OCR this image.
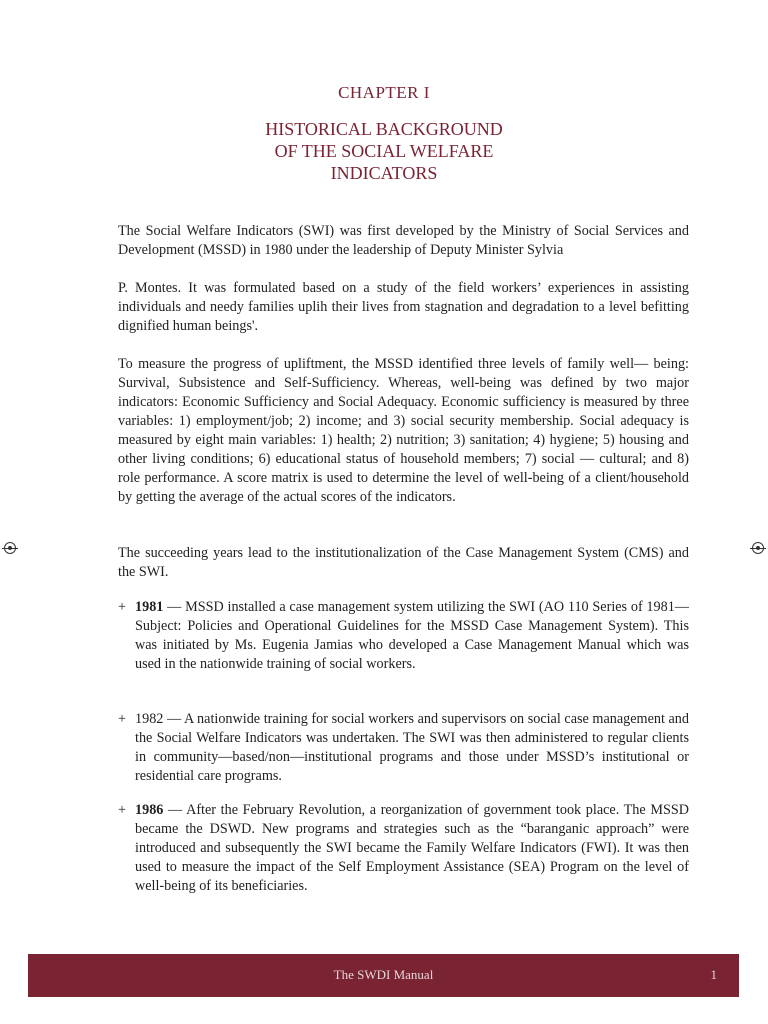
CHAPTER I
HISTORICAL BACKGROUND
OF THE SOCIAL WELFARE
INDICATORS

The Social Welfare Indicators (SWI) was first developed by the Ministry of Social Services and Development (MSSD) in 1980 under the leadership of Deputy Minister Sylvia

P. Montes. It was formulated based on a study of the field workers’ experiences in assisting individuals and needy families uplih their lives from stagnation and degradation to a level befitting dignified human beings'.

To measure the progress of upliftment, the MSSD identified three levels of family well— being: Survival, Subsistence and Self-Sufficiency. Whereas, well-being was defined by two major indicators: Economic Sufficiency and Social Adequacy. Economic sufficiency is measured by three variables: 1) employment/job; 2) income; and 3) social security membership. Social adequacy is measured by eight main variables: 1) health; 2) nutrition; 3) sanitation; 4) hygiene; 5) housing and other living conditions; 6) educational status of household members; 7) social — cultural; and 8) role performance. A score matrix is used to determine the level of well-being of a client/household by getting the average of the actual scores of the indicators.

The succeeding years lead to the institutionalization of the Case Management System (CMS) and the SWI.

+ 1981 — MSSD installed a case management system utilizing the SWI (AO 110 Series of 1981—Subject: Policies and Operational Guidelines for the MSSD Case Management System). This was initiated by Ms. Eugenia Jamias who developed a Case Management Manual which was used in the nationwide training of social workers.
+ 1982 — A nationwide training for social workers and supervisors on social case management and the Social Welfare Indicators was undertaken. The SWI was then administered to regular clients in community—based/non—institutional programs and those under MSSD’s institutional or residential care programs.
+ 1986 — After the February Revolution, a reorganization of government took place. The MSSD became the DSWD. New programs and strategies such as the “baranganic approach” were introduced and subsequently the SWI became the Family Welfare Indicators (FWI). It was then used to measure the impact of the Self Employment Assistance (SEA) Program on the level of well-being of its beneficiaries.
The SWDI Manual	1
